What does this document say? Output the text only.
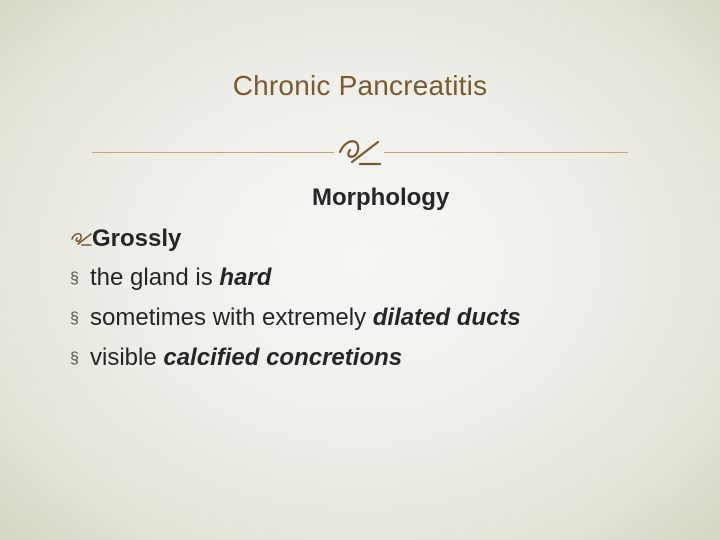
Chronic Pancreatitis
Morphology
Grossly
§ the gland is hard
§ sometimes with extremely dilated ducts
§ visible calcified concretions
